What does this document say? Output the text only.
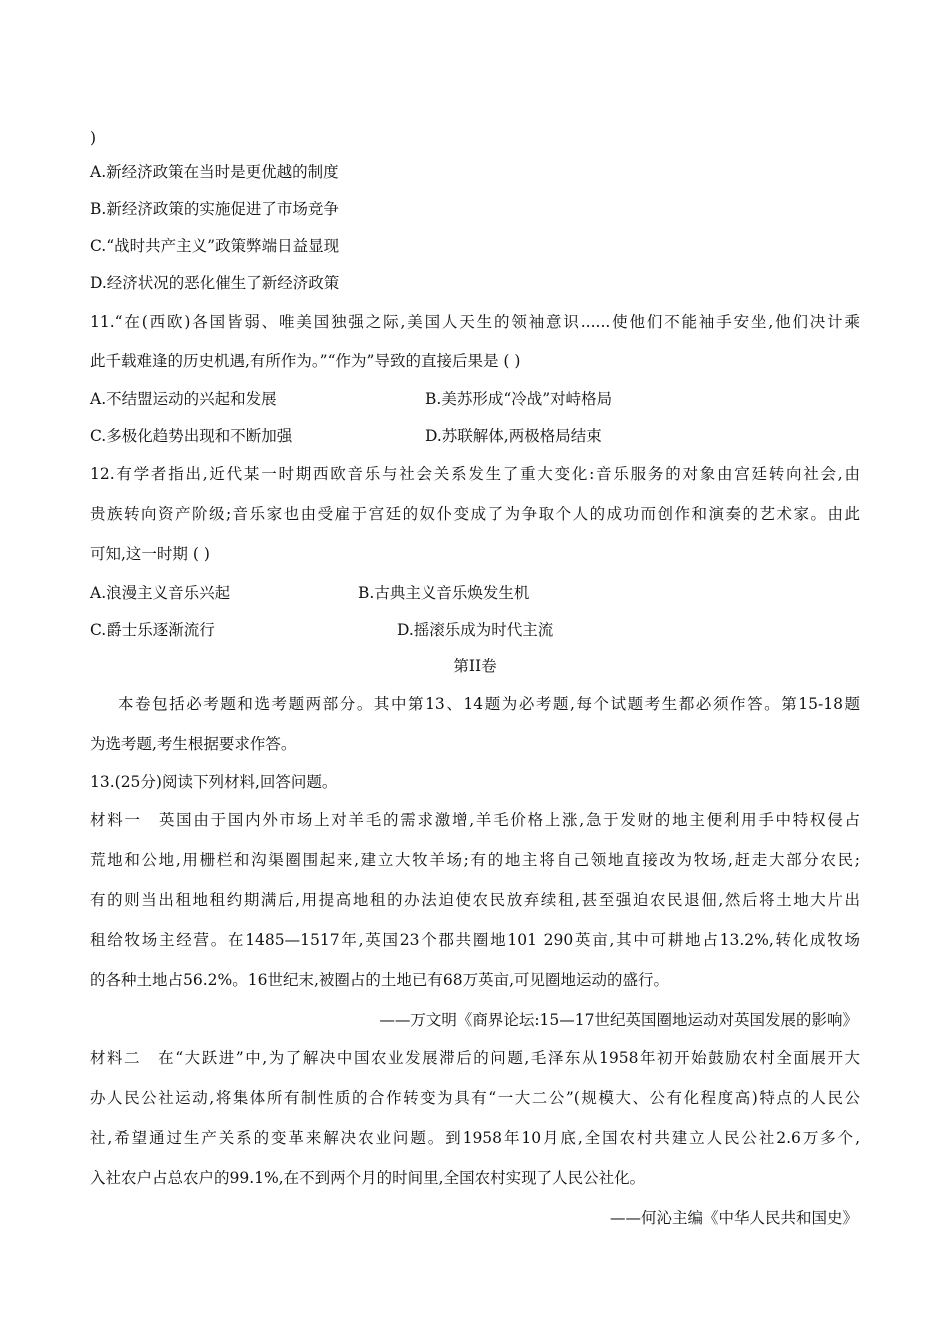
)
A.新经济政策在当时是更优越的制度
B.新经济政策的实施促进了市场竞争
C.“战时共产主义”政策弊端日益显现
D.经济状况的恶化催生了新经济政策
11.“在(西欧)各国皆弱、唯美国独强之际,美国人天生的领袖意识......使他们不能袖手安坐,他们决计乘
此千载难逢的历史机遇,有所作为。”“作为”导致的直接后果是 ( )
A.不结盟运动的兴起和发展	B.美苏形成“冷战”对峙格局
C.多极化趋势出现和不断加强	D.苏联解体,两极格局结束
12.有学者指出,近代某一时期西欧音乐与社会关系发生了重大变化:音乐服务的对象由宫廷转向社会,由
贵族转向资产阶级;音乐家也由受雇于宫廷的奴仆变成了为争取个人的成功而创作和演奏的艺术家。由此
可知,这一时期 ( )
A.浪漫主义音乐兴起	B.古典主义音乐焕发生机
C.爵士乐逐渐流行	D.摇滚乐成为时代主流
第II卷
本卷包括必考题和选考题两部分。其中第13、14题为必考题,每个试题考生都必须作答。第15-18题
为选考题,考生根据要求作答。
13.(25分)阅读下列材料,回答问题。
材料一　英国由于国内外市场上对羊毛的需求激增,羊毛价格上涨,急于发财的地主便利用手中特权侵占
荒地和公地,用栅栏和沟渠圈围起来,建立大牧羊场;有的地主将自己领地直接改为牧场,赶走大部分农民;
有的则当出租地租约期满后,用提高地租的办法迫使农民放弃续租,甚至强迫农民退佃,然后将土地大片出
租给牧场主经营。在1485—1517年,英国23个郡共圈地101 290英亩,其中可耕地占13.2%,转化成牧场
的各种土地占56.2%。16世纪末,被圈占的土地已有68万英亩,可见圈地运动的盛行。
——万文明《商界论坛:15—17世纪英国圈地运动对英国发展的影响》
材料二　在“大跃进”中,为了解决中国农业发展滞后的问题,毛泽东从1958年初开始鼓励农村全面展开大
办人民公社运动,将集体所有制性质的合作转变为具有“一大二公”(规模大、公有化程度高)特点的人民公
社,希望通过生产关系的变革来解决农业问题。到1958年10月底,全国农村共建立人民公社2.6万多个,
入社农户占总农户的99.1%,在不到两个月的时间里,全国农村实现了人民公社化。
——何沁主编《中华人民共和国史》
